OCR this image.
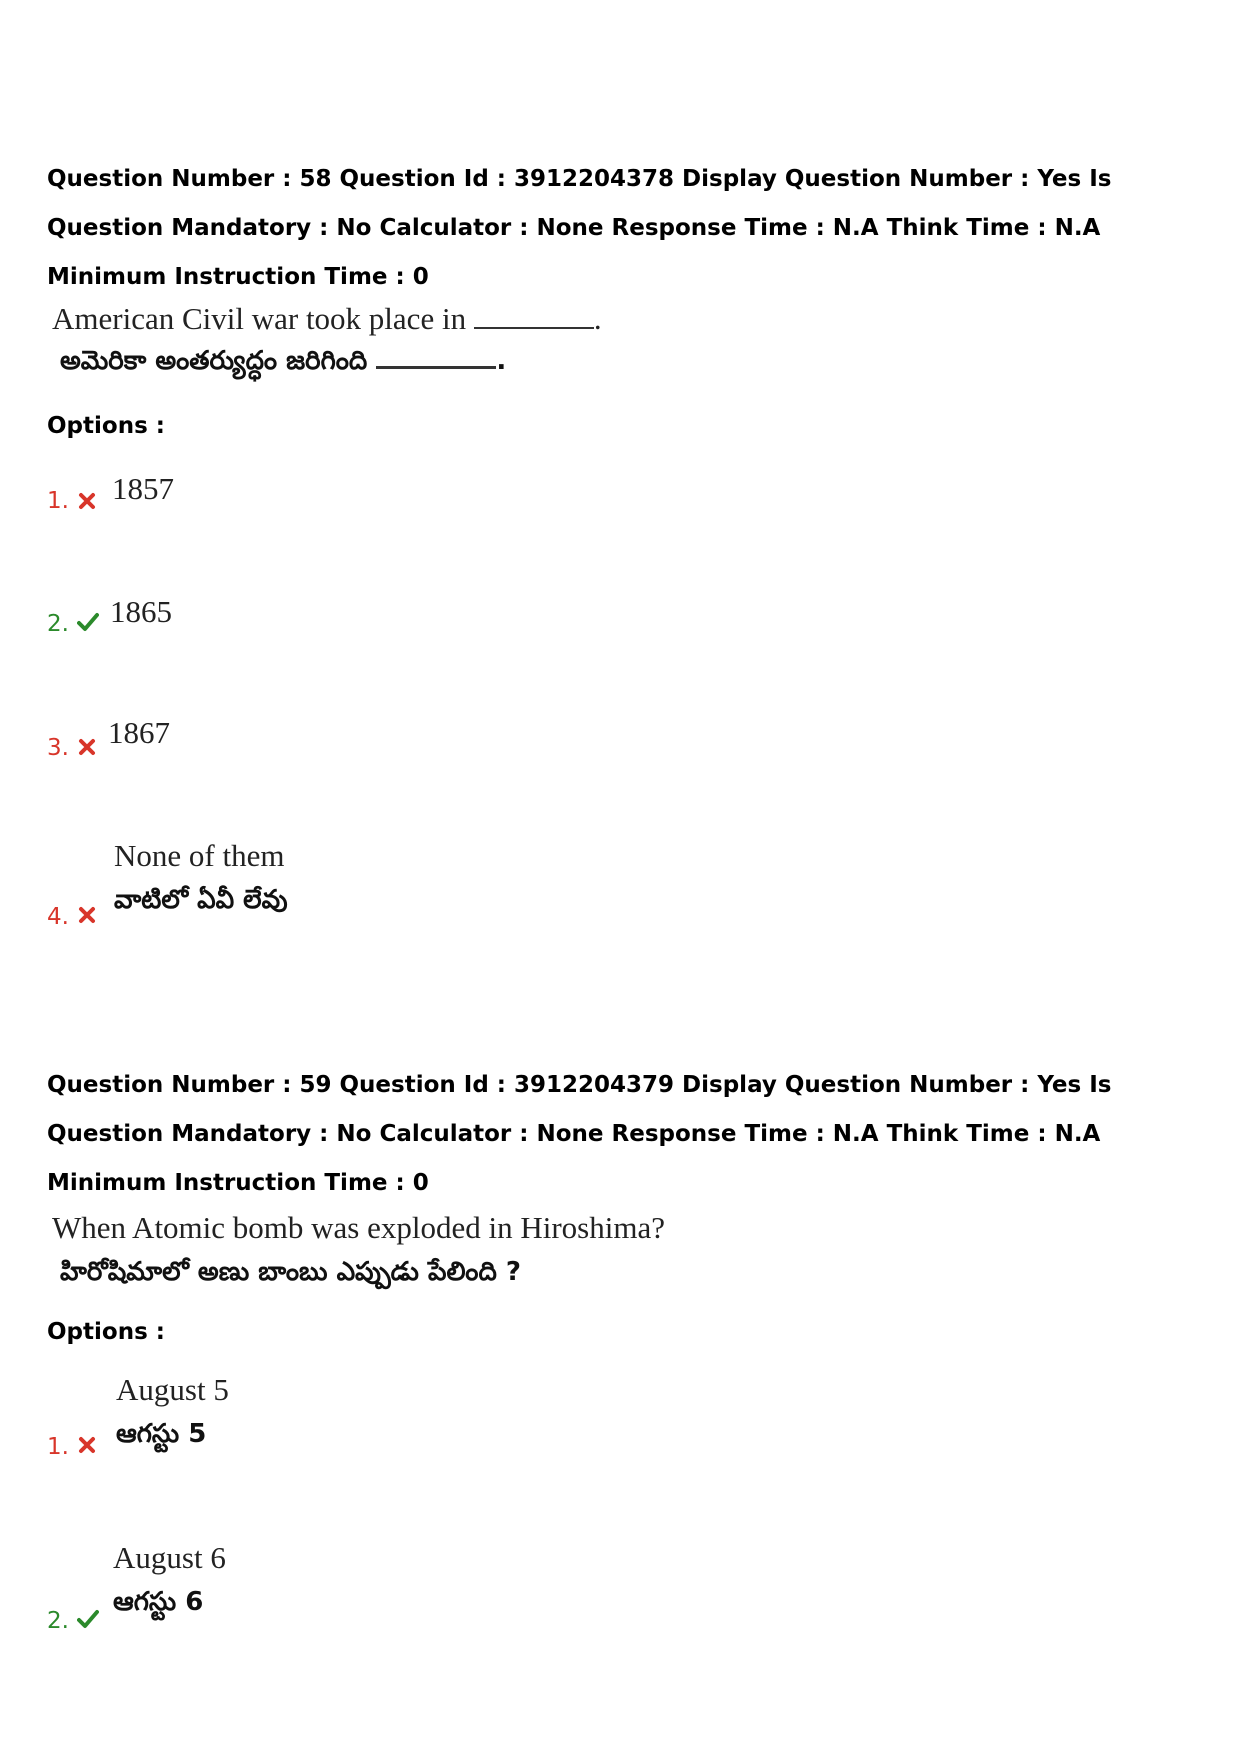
Question Number : 58 Question Id : 3912204378 Display Question Number : Yes Is Question Mandatory : No Calculator : None Response Time : N.A Think Time : N.A Minimum Instruction Time : 0
American Civil war took place in	.
అమెరికా అంతర్యుద్ధం జరిగింది	.
Options :
1. 1857
2. 1865
3. 1867
4.
None of them
వాటిలో ఏవీ లేవు
Question Number : 59 Question Id : 3912204379 Display Question Number : Yes Is Question Mandatory : No Calculator : None Response Time : N.A Think Time : N.A Minimum Instruction Time : 0
When Atomic bomb was exploded in Hiroshima?
హిరోషిమాలో అణు బాంబు ఎప్పుడు పేలింది ?
Options :
1.
August 5
ఆగస్టు 5
2.
August 6
ఆగస్టు 6
